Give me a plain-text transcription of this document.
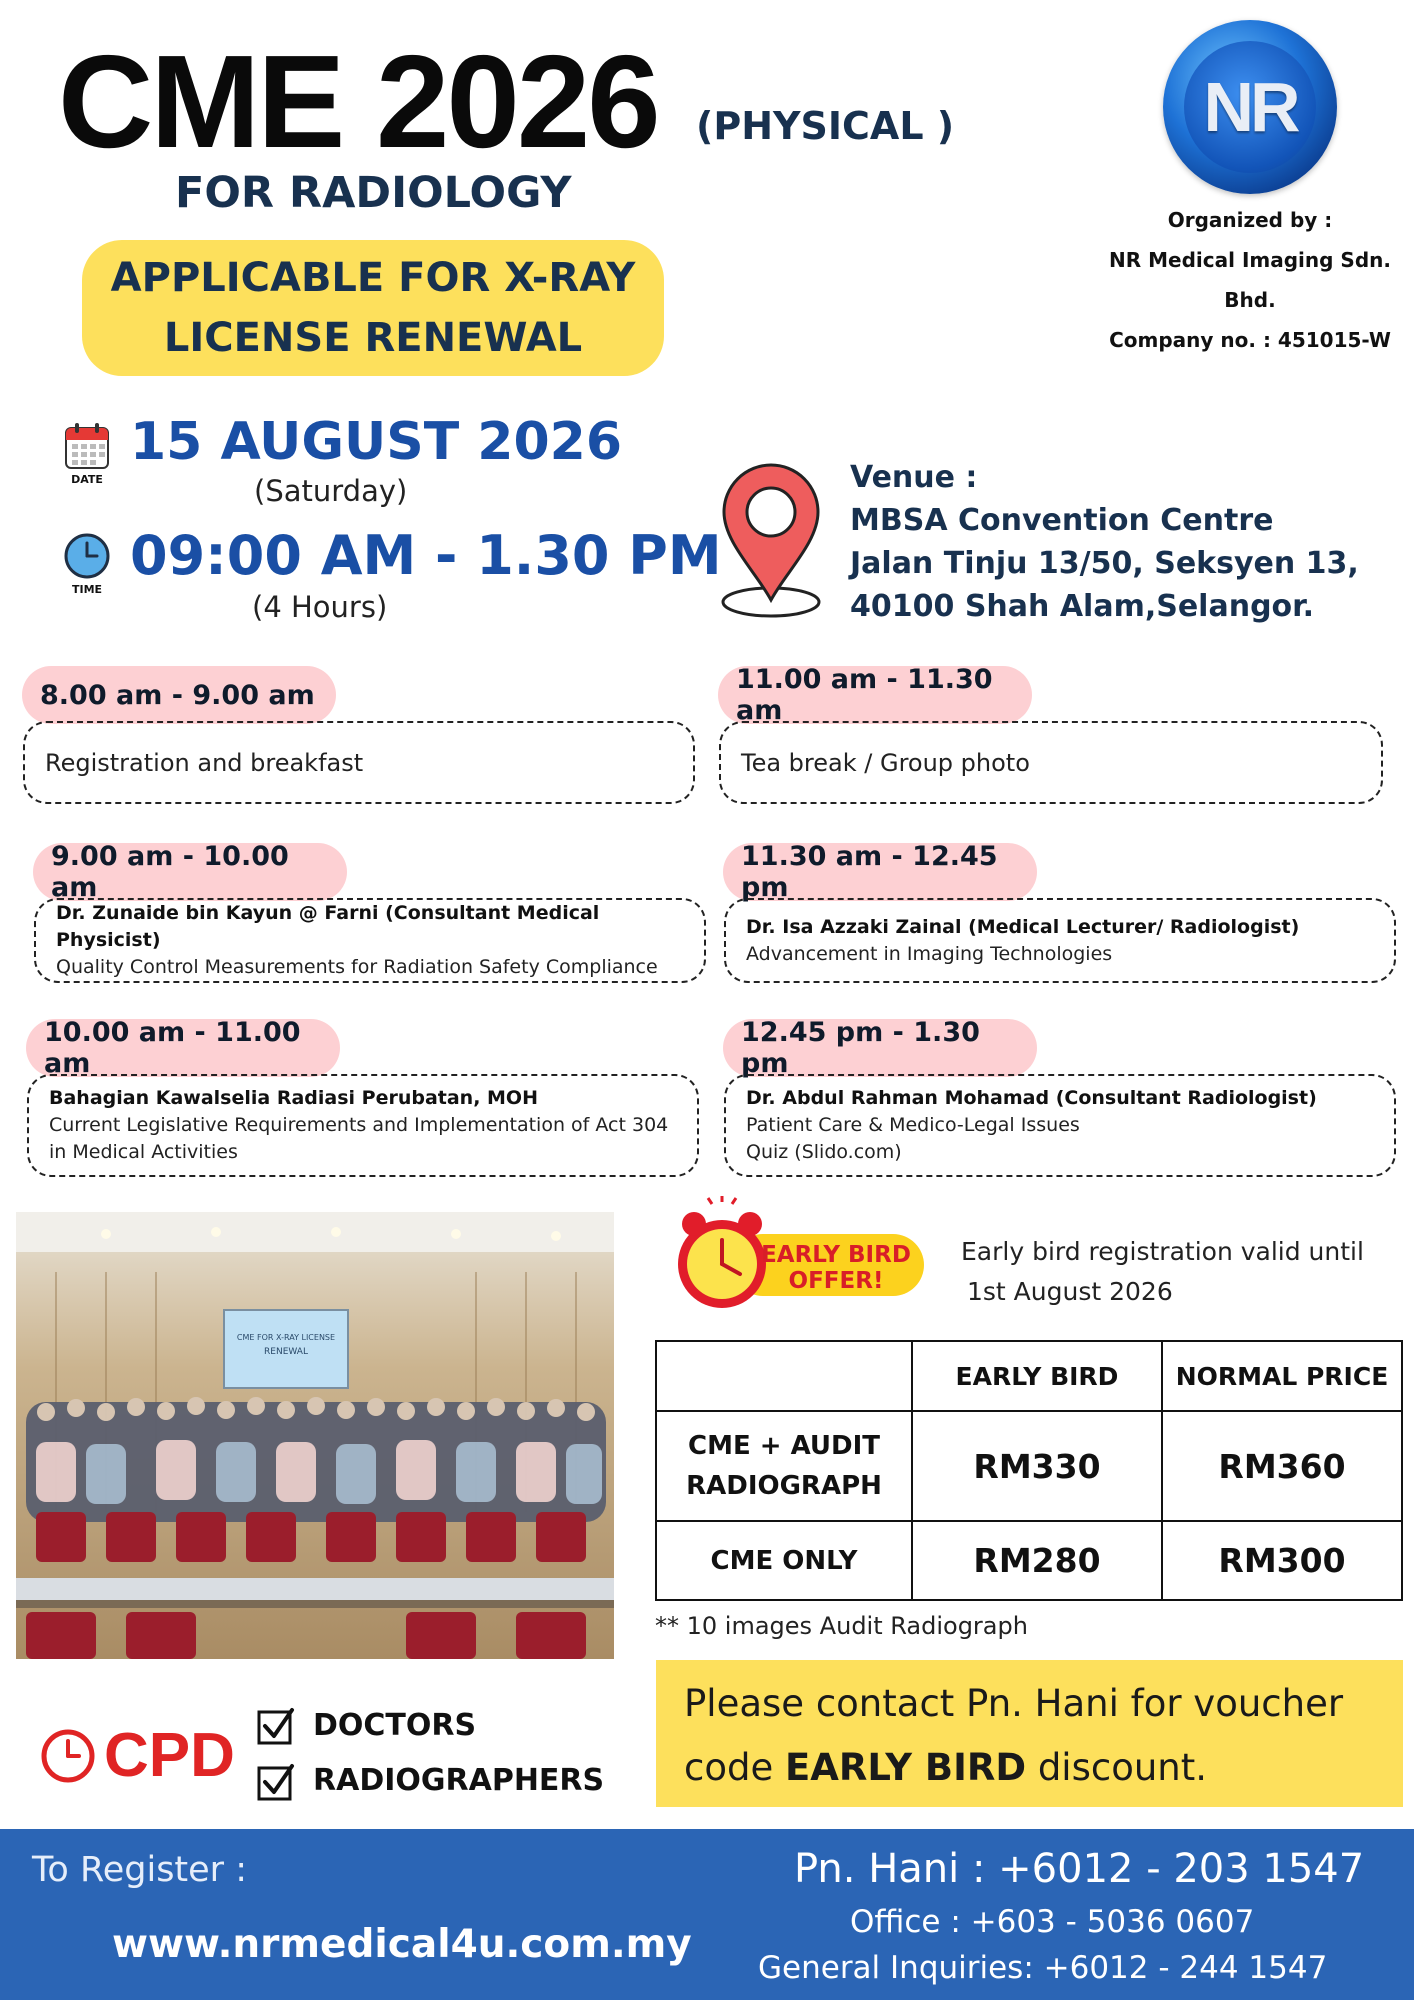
CME 2026 (PHYSICAL )
FOR RADIOLOGY
APPLICABLE FOR X-RAY
LICENSE RENEWAL
NR
Organized by :
NR Medical Imaging Sdn. Bhd.
Company no. : 451015-W
DATE
15 AUGUST 2026
(Saturday)
TIME
09:00 AM - 1.30 PM
(4 Hours)
Venue :
MBSA Convention Centre
Jalan Tinju 13/50, Seksyen 13,
40100 Shah Alam,Selangor.
8.00 am - 9.00 am
Registration and breakfast
9.00 am - 10.00 am
Dr. Zunaide bin Kayun @ Farni (Consultant Medical Physicist)
Quality Control Measurements for Radiation Safety Compliance
10.00 am - 11.00 am
Bahagian Kawalselia Radiasi Perubatan, MOH
Current Legislative Requirements and Implementation of Act 304
in Medical Activities
11.00 am - 11.30 am
Tea break / Group photo
11.30 am - 12.45 pm
Dr. Isa Azzaki Zainal (Medical Lecturer/ Radiologist)
Advancement in Imaging Technologies
12.45 pm - 1.30 pm
Dr. Abdul Rahman Mohamad (Consultant Radiologist)
Patient Care & Medico-Legal Issues
Quiz (Slido.com)
CME FOR X-RAY LICENSE
RENEWAL
EARLY BIRD
OFFER!
Early bird registration valid until
1st August 2026
	EARLY BIRD	NORMAL PRICE

CME + AUDIT
RADIOGRAPH	RM330	RM360
CME ONLY	RM280	RM300
** 10 images Audit Radiograph
Please contact Pn. Hani for voucher
code EARLY BIRD discount.
CPD	DOCTORS
RADIOGRAPHERS
To Register :
www.nrmedical4u.com.my
Pn. Hani : +6012 - 203 1547
Office : +603 - 5036 0607
General Inquiries: +6012 - 244 1547
